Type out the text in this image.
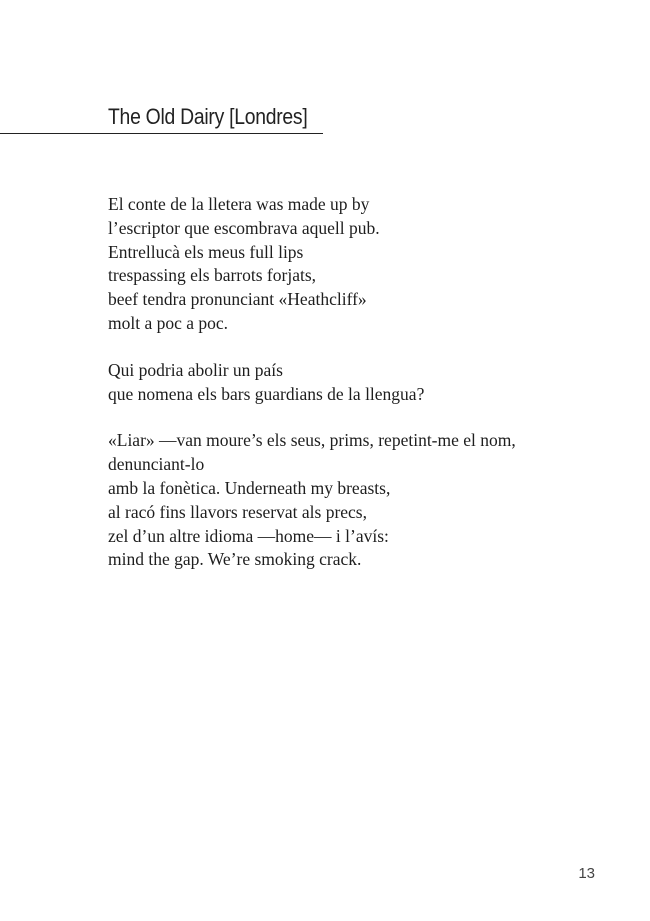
The Old Dairy [Londres]
El conte de la lletera was made up by
l’escriptor que escombrava aquell pub.
Entrellucà els meus full lips
trespassing els barrots forjats,
beef tendra pronunciant «Heathcliff»
molt a poc a poc.
Qui podria abolir un país
que nomena els bars guardians de la llengua?
«Liar» —van moure’s els seus, prims, repetint-me el nom,
denunciant-lo
amb la fonètica. Underneath my breasts,
al racó fins llavors reservat als precs,
zel d’un altre idioma —home— i l’avís:
mind the gap. We’re smoking crack.
13
